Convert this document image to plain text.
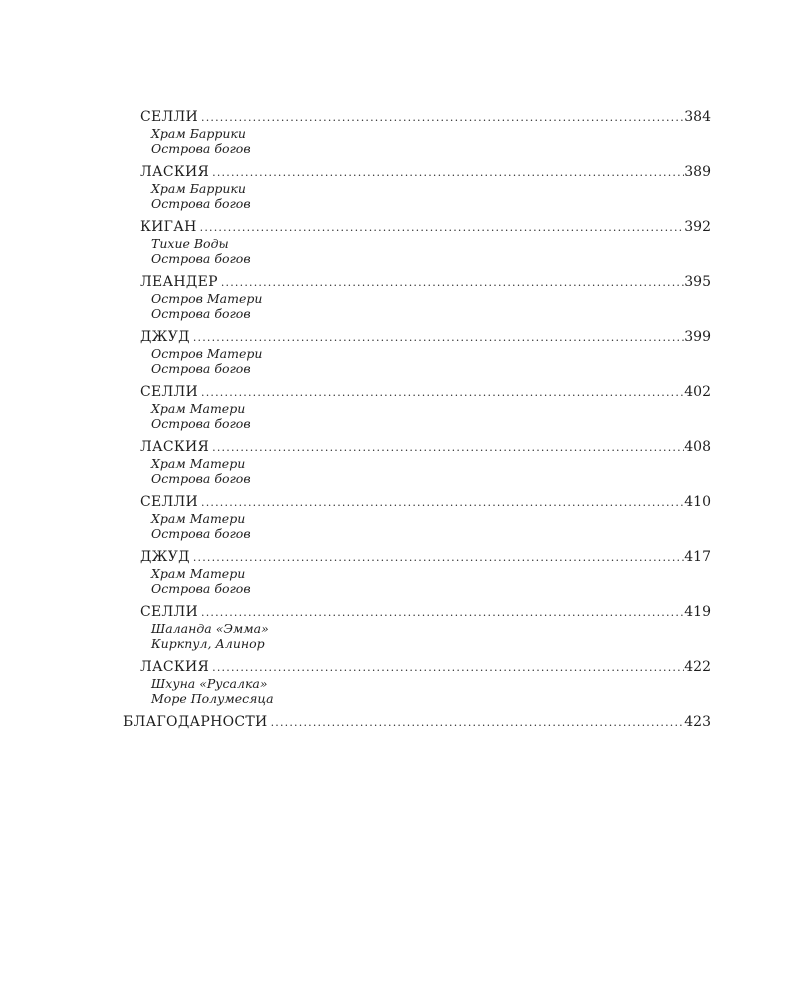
СЕЛЛИ .....	384
Храм Баррики
Острова богов
ЛАСКИЯ .....	389
Храм Баррики
Острова богов
КИГАН .....	392
Тихие Воды
Острова богов
ЛЕАНДЕР .....	395
Остров Матери
Острова богов
ДЖУД .....	399
Остров Матери
Острова богов
СЕЛЛИ .....	402
Храм Матери
Острова богов
ЛАСКИЯ .....	408
Храм Матери
Острова богов
СЕЛЛИ .....	410
Храм Матери
Острова богов
ДЖУД .....	417
Храм Матери
Острова богов
СЕЛЛИ .....	419
Шаланда «Эмма»
Киркпул, Алинор
ЛАСКИЯ .....	422
Шхуна «Русалка»
Море Полумесяца
БЛАГОДАРНОСТИ .....	423
